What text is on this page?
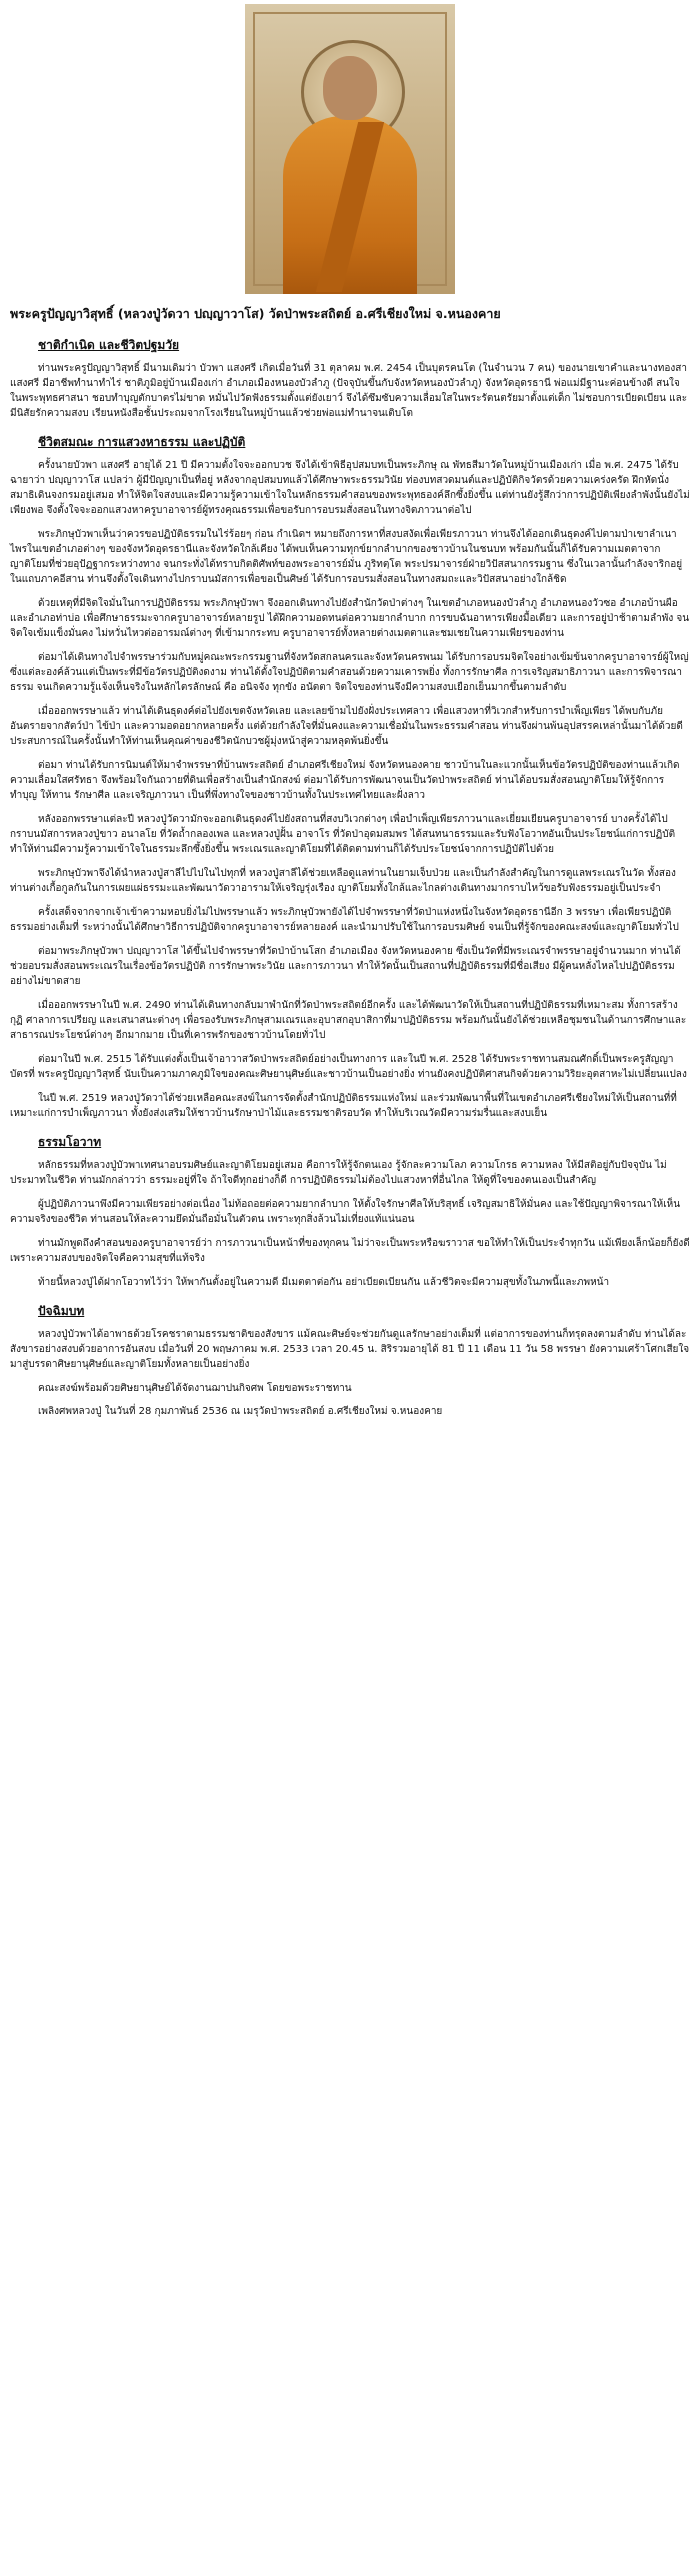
พระครูปัญญาวิสุทธิ์ (หลวงปู่วัดวา ปญฺญาวาโส) วัดป่าพระสถิตย์ อ.ศรีเชียงใหม่ จ.หนองคาย
ชาติกำเนิด และชีวิตปฐมวัย

ท่านพระครูปัญญาวิสุทธิ์ มีนามเดิมว่า บัวพา แสงศรี เกิดเมื่อวันที่ 31 ตุลาคม พ.ศ. 2454 เป็นบุตรคนโต (ในจำนวน 7 คน) ของนายเขาคำและนางทองสา แสงศรี มีอาชีพทำนาทำไร่ ชาติภูมิอยู่บ้านเมืองเก่า อำเภอเมืองหนองบัวลำภู (ปัจจุบันขึ้นกับจังหวัดหนองบัวลำภู) จังหวัดอุดรธานี พ่อแม่มีฐานะค่อนข้างดี สนใจในพระพุทธศาสนา ชอบทำบุญตักบาตรไม่ขาด หมั่นไปวัดฟังธรรมตั้งแต่ยังเยาว์ จึงได้ซึมซับความเลื่อมใสในพระรัตนตรัยมาตั้งแต่เด็ก ไม่ชอบการเบียดเบียน และมีนิสัยรักความสงบ เรียนหนังสือชั้นประถมจากโรงเรียนในหมู่บ้านแล้วช่วยพ่อแม่ทำนาจนเติบโต

ชีวิตสมณะ การแสวงหาธรรม และปฏิบัติ

ครั้งนายบัวพา แสงศรี อายุได้ 21 ปี มีความตั้งใจจะออกบวช จึงได้เข้าพิธีอุปสมบทเป็นพระภิกษุ ณ พัทธสีมาวัดในหมู่บ้านเมืองเก่า เมื่อ พ.ศ. 2475 ได้รับฉายาว่า ปญฺญาวาโส แปลว่า ผู้มีปัญญาเป็นที่อยู่ หลังจากอุปสมบทแล้วได้ศึกษาพระธรรมวินัย ท่องบทสวดมนต์และปฏิบัติกิจวัตรด้วยความเคร่งครัด ฝึกหัดนั่งสมาธิเดินจงกรมอยู่เสมอ ทำให้จิตใจสงบและมีความรู้ความเข้าใจในหลักธรรมคำสอนของพระพุทธองค์ลึกซึ้งยิ่งขึ้น แต่ท่านยังรู้สึกว่าการปฏิบัติเพียงลำพังนั้นยังไม่เพียงพอ จึงตั้งใจจะออกแสวงหาครูบาอาจารย์ผู้ทรงคุณธรรมเพื่อขอรับการอบรมสั่งสอนในทางจิตภาวนาต่อไป

พระภิกษุบัวพาเห็นว่าควรขอปฏิบัติธรรมในไร่ร้อยๆ ก่อน กำเนิดฯ หมายถึงการหาที่สงบสงัดเพื่อเพียรภาวนา ท่านจึงได้ออกเดินธุดงค์ไปตามป่าเขาลำเนาไพรในเขตอำเภอต่างๆ ของจังหวัดอุดรธานีและจังหวัดใกล้เคียง ได้พบเห็นความทุกข์ยากลำบากของชาวบ้านในชนบท พร้อมกันนั้นก็ได้รับความเมตตาจากญาติโยมที่ช่วยอุปัฏฐากระหว่างทาง จนกระทั่งได้ทราบกิตติศัพท์ของพระอาจารย์มั่น ภูริทตฺโต พระปรมาจารย์ฝ่ายวิปัสสนากรรมฐาน ซึ่งในเวลานั้นกำลังจาริกอยู่ในแถบภาคอีสาน ท่านจึงตั้งใจเดินทางไปกราบนมัสการเพื่อขอเป็นศิษย์ ได้รับการอบรมสั่งสอนในทางสมถะและวิปัสสนาอย่างใกล้ชิด

ด้วยเหตุที่มีจิตใจมั่นในการปฏิบัติธรรม พระภิกษุบัวพา จึงออกเดินทางไปยังสำนักวัดป่าต่างๆ ในเขตอำเภอหนองบัวลำภู อำเภอหนองวัวซอ อำเภอบ้านผือ และอำเภอท่าบ่อ เพื่อศึกษาธรรมะจากครูบาอาจารย์หลายรูป ได้ฝึกความอดทนต่อความยากลำบาก การขบฉันอาหารเพียงมื้อเดียว และการอยู่ป่าช้าตามลำพัง จนจิตใจเข้มแข็งมั่นคง ไม่หวั่นไหวต่ออารมณ์ต่างๆ ที่เข้ามากระทบ ครูบาอาจารย์ทั้งหลายต่างเมตตาและชมเชยในความเพียรของท่าน

ต่อมาได้เดินทางไปจำพรรษาร่วมกับหมู่คณะพระกรรมฐานที่จังหวัดสกลนครและจังหวัดนครพนม ได้รับการอบรมจิตใจอย่างเข้มข้นจากครูบาอาจารย์ผู้ใหญ่ ซึ่งแต่ละองค์ล้วนแต่เป็นพระที่มีข้อวัตรปฏิบัติงดงาม ท่านได้ตั้งใจปฏิบัติตามคำสอนด้วยความเคารพยิ่ง ทั้งการรักษาศีล การเจริญสมาธิภาวนา และการพิจารณาธรรม จนเกิดความรู้แจ้งเห็นจริงในหลักไตรลักษณ์ คือ อนิจจัง ทุกขัง อนัตตา จิตใจของท่านจึงมีความสงบเยือกเย็นมากขึ้นตามลำดับ

เมื่อออกพรรษาแล้ว ท่านได้เดินธุดงค์ต่อไปยังเขตจังหวัดเลย และเลยข้ามไปยังฝั่งประเทศลาว เพื่อแสวงหาที่วิเวกสำหรับการบำเพ็ญเพียร ได้พบกับภัยอันตรายจากสัตว์ป่า ไข้ป่า และความอดอยากหลายครั้ง แต่ด้วยกำลังใจที่มั่นคงและความเชื่อมั่นในพระธรรมคำสอน ท่านจึงผ่านพ้นอุปสรรคเหล่านั้นมาได้ด้วยดี ประสบการณ์ในครั้งนั้นทำให้ท่านเห็นคุณค่าของชีวิตนักบวชผู้มุ่งหน้าสู่ความหลุดพ้นยิ่งขึ้น

ต่อมา ท่านได้รับการนิมนต์ให้มาจำพรรษาที่บ้านพระสถิตย์ อำเภอศรีเชียงใหม่ จังหวัดหนองคาย ชาวบ้านในละแวกนั้นเห็นข้อวัตรปฏิบัติของท่านแล้วเกิดความเลื่อมใสศรัทธา จึงพร้อมใจกันถวายที่ดินเพื่อสร้างเป็นสำนักสงฆ์ ต่อมาได้รับการพัฒนาจนเป็นวัดป่าพระสถิตย์ ท่านได้อบรมสั่งสอนญาติโยมให้รู้จักการทำบุญ ให้ทาน รักษาศีล และเจริญภาวนา เป็นที่พึ่งทางใจของชาวบ้านทั้งในประเทศไทยและฝั่งลาว

หลังออกพรรษาแต่ละปี หลวงปู่วัดวามักจะออกเดินธุดงค์ไปยังสถานที่สงบวิเวกต่างๆ เพื่อบำเพ็ญเพียรภาวนาและเยี่ยมเยียนครูบาอาจารย์ บางครั้งได้ไปกราบนมัสการหลวงปู่ขาว อนาลโย ที่วัดถ้ำกลองเพล และหลวงปู่ฝั้น อาจาโร ที่วัดป่าอุดมสมพร ได้สนทนาธรรมและรับฟังโอวาทอันเป็นประโยชน์แก่การปฏิบัติ ทำให้ท่านมีความรู้ความเข้าใจในธรรมะลึกซึ้งยิ่งขึ้น พระเณรและญาติโยมที่ได้ติดตามท่านก็ได้รับประโยชน์จากการปฏิบัติไปด้วย

พระภิกษุบัวพาจึงได้นำหลวงปู่สาลีไปไปในไปทุกที่ หลวงปู่สาลีได้ช่วยเหลือดูแลท่านในยามเจ็บป่วย และเป็นกำลังสำคัญในการดูแลพระเณรในวัด ทั้งสองท่านต่างเกื้อกูลกันในการเผยแผ่ธรรมะและพัฒนาวัดวาอารามให้เจริญรุ่งเรือง ญาติโยมทั้งใกล้และไกลต่างเดินทางมากราบไหว้ขอรับฟังธรรมอยู่เป็นประจำ

ครั้งเสด็จจากจากเจ้าเข้าความหอบยิ่งไม่ไปพรรษาแล้ว พระภิกษุบัวพายังได้ไปจำพรรษาที่วัดป่าแห่งหนึ่งในจังหวัดอุดรธานีอีก 3 พรรษา เพื่อเพียรปฏิบัติธรรมอย่างเต็มที่ ระหว่างนั้นได้ศึกษาวิธีการปฏิบัติจากครูบาอาจารย์หลายองค์ และนำมาปรับใช้ในการอบรมศิษย์ จนเป็นที่รู้จักของคณะสงฆ์และญาติโยมทั่วไป

ต่อมาพระภิกษุบัวพา ปญฺญาวาโส ได้ขึ้นไปจำพรรษาที่วัดป่าบ้านโสก อำเภอเมือง จังหวัดหนองคาย ซึ่งเป็นวัดที่มีพระเณรจำพรรษาอยู่จำนวนมาก ท่านได้ช่วยอบรมสั่งสอนพระเณรในเรื่องข้อวัตรปฏิบัติ การรักษาพระวินัย และการภาวนา ทำให้วัดนั้นเป็นสถานที่ปฏิบัติธรรมที่มีชื่อเสียง มีผู้คนหลั่งไหลไปปฏิบัติธรรมอย่างไม่ขาดสาย

เมื่อออกพรรษาในปี พ.ศ. 2490 ท่านได้เดินทางกลับมาพำนักที่วัดป่าพระสถิตย์อีกครั้ง และได้พัฒนาวัดให้เป็นสถานที่ปฏิบัติธรรมที่เหมาะสม ทั้งการสร้างกุฏิ ศาลาการเปรียญ และเสนาสนะต่างๆ เพื่อรองรับพระภิกษุสามเณรและอุบาสกอุบาสิกาที่มาปฏิบัติธรรม พร้อมกันนั้นยังได้ช่วยเหลือชุมชนในด้านการศึกษาและสาธารณประโยชน์ต่างๆ อีกมากมาย เป็นที่เคารพรักของชาวบ้านโดยทั่วไป

ต่อมาในปี พ.ศ. 2515 ได้รับแต่งตั้งเป็นเจ้าอาวาสวัดป่าพระสถิตย์อย่างเป็นทางการ และในปี พ.ศ. 2528 ได้รับพระราชทานสมณศักดิ์เป็นพระครูสัญญาบัตรที่ พระครูปัญญาวิสุทธิ์ นับเป็นความภาคภูมิใจของคณะศิษยานุศิษย์และชาวบ้านเป็นอย่างยิ่ง ท่านยังคงปฏิบัติศาสนกิจด้วยความวิริยะอุตสาหะไม่เปลี่ยนแปลง

ในปี พ.ศ. 2519 หลวงปู่วัดวาได้ช่วยเหลือคณะสงฆ์ในการจัดตั้งสำนักปฏิบัติธรรมแห่งใหม่ และร่วมพัฒนาพื้นที่ในเขตอำเภอศรีเชียงใหม่ให้เป็นสถานที่ที่เหมาะแก่การบำเพ็ญภาวนา ทั้งยังส่งเสริมให้ชาวบ้านรักษาป่าไม้และธรรมชาติรอบวัด ทำให้บริเวณวัดมีความร่มรื่นและสงบเย็น

ธรรมโอวาท

หลักธรรมที่หลวงปู่บัวพาเทศนาอบรมศิษย์และญาติโยมอยู่เสมอ คือการให้รู้จักตนเอง รู้จักละความโลภ ความโกรธ ความหลง ให้มีสติอยู่กับปัจจุบัน ไม่ประมาทในชีวิต ท่านมักกล่าวว่า ธรรมะอยู่ที่ใจ ถ้าใจดีทุกอย่างก็ดี การปฏิบัติธรรมไม่ต้องไปแสวงหาที่อื่นไกล ให้ดูที่ใจของตนเองเป็นสำคัญ

ผู้ปฏิบัติภาวนาพึงมีความเพียรอย่างต่อเนื่อง ไม่ท้อถอยต่อความยากลำบาก ให้ตั้งใจรักษาศีลให้บริสุทธิ์ เจริญสมาธิให้มั่นคง และใช้ปัญญาพิจารณาให้เห็นความจริงของชีวิต ท่านสอนให้ละความยึดมั่นถือมั่นในตัวตน เพราะทุกสิ่งล้วนไม่เที่ยงแท้แน่นอน

ท่านมักพูดถึงคำสอนของครูบาอาจารย์ว่า การภาวนาเป็นหน้าที่ของทุกคน ไม่ว่าจะเป็นพระหรือฆราวาส ขอให้ทำให้เป็นประจำทุกวัน แม้เพียงเล็กน้อยก็ยังดี เพราะความสงบของจิตใจคือความสุขที่แท้จริง

ท้ายนี้หลวงปู่ได้ฝากโอวาทไว้ว่า ให้พากันตั้งอยู่ในความดี มีเมตตาต่อกัน อย่าเบียดเบียนกัน แล้วชีวิตจะมีความสุขทั้งในภพนี้และภพหน้า

ปัจฉิมบท

หลวงปู่บัวพาได้อาพาธด้วยโรคชราตามธรรมชาติของสังขาร แม้คณะศิษย์จะช่วยกันดูแลรักษาอย่างเต็มที่ แต่อาการของท่านก็ทรุดลงตามลำดับ ท่านได้ละสังขารอย่างสงบด้วยอาการอันสงบ เมื่อวันที่ 20 พฤษภาคม พ.ศ. 2533 เวลา 20.45 น. สิริรวมอายุได้ 81 ปี 11 เดือน 11 วัน 58 พรรษา ยังความเศร้าโศกเสียใจมาสู่บรรดาศิษยานุศิษย์และญาติโยมทั้งหลายเป็นอย่างยิ่ง

คณะสงฆ์พร้อมด้วยศิษยานุศิษย์ได้จัดงานฌาปนกิจศพ โดยขอพระราชทาน

เพลิงศพหลวงปู่ ในวันที่ 28 กุมภาพันธ์ 2536 ณ เมรุวัดป่าพระสถิตย์ อ.ศรีเชียงใหม่ จ.หนองคาย
